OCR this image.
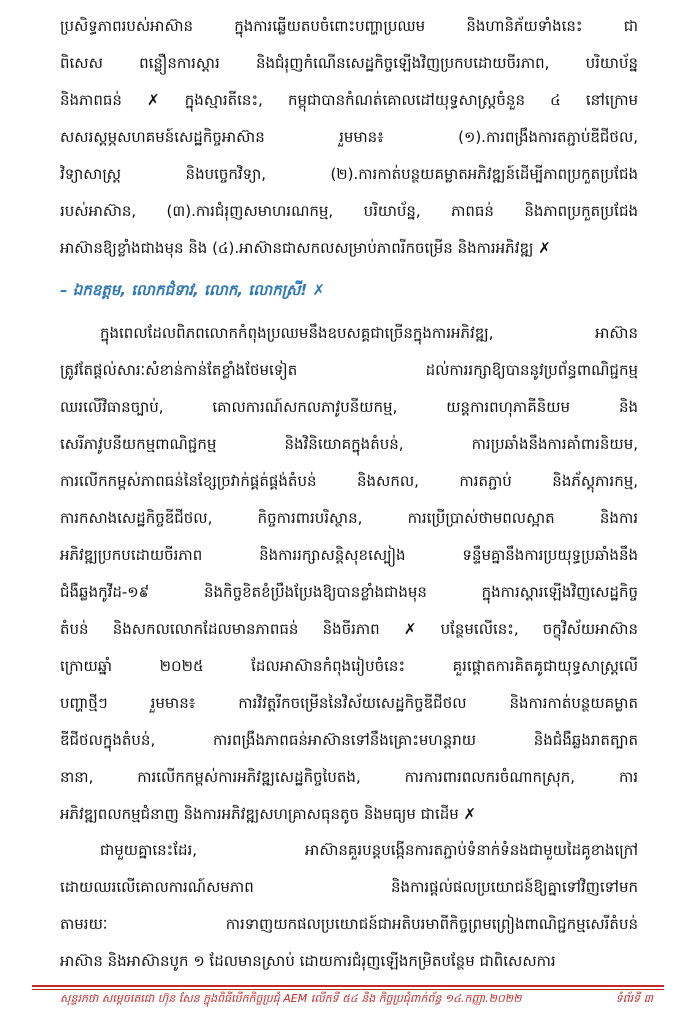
ប្រសិទ្ធភាពរបស់អាស៊ាន ក្នុងការឆ្លើយតបចំពោះបញ្ហាប្រឈម និងហានិភ័យទាំងនេះ ជា
ពិសេស ពន្លឿនការស្តារ និងជំរុញកំណើនសេដ្ឋកិច្ចឡើងវិញប្រកបដោយចីរភាព, បរិយាប័ន្ន
និងភាពធន់ ✗ ក្នុងស្មារតីនេះ, កម្ពុជាបានកំណត់គោលដៅយុទ្ធសាស្ត្រចំនួន ៤ នៅក្រោម
សសរស្តម្ភសហគមន៍សេដ្ឋកិច្ចអាស៊ាន រួមមាន៖ (១).ការពង្រឹងការតភ្ជាប់ឌីជីថល,
វិទ្យាសាស្ត្រ និងបច្ចេកវិទ្យា, (២).ការកាត់បន្ថយគម្លាតអភិវឌ្ឍន៍ដើម្បីភាពប្រកួតប្រជែង
របស់អាស៊ាន, (៣).ការជំរុញសមាហរណកម្ម, បរិយាប័ន្ន, ភាពធន់ និងភាពប្រកួតប្រជែង
អាស៊ានឱ្យខ្លាំងជាងមុន និង (៤).អាស៊ានជាសកលសម្រាប់ភាពរីកចម្រើន និងការអភិវឌ្ឍ ✗
– ឯកឧត្តម, លោកជំទាវ, លោក, លោកស្រី! ✗
ក្នុងពេលដែលពិភពលោកកំពុងប្រឈមនឹងឧបសគ្គជាច្រើនក្នុងការអភិវឌ្ឍ, អាស៊ាន
ត្រូវតែផ្តល់សារៈសំខាន់កាន់តែខ្លាំងថែមទៀត ដល់ការរក្សាឱ្យបាននូវប្រព័ន្ធពាណិជ្ជកម្ម
ឈរលើវិធានច្បាប់, គោលការណ៍សកលភាវូបនីយកម្ម, យន្តការពហុភាគីនិយម និង
សេរីភាវូបនីយកម្មពាណិជ្ជកម្ម និងវិនិយោគក្នុងតំបន់, ការប្រឆាំងនឹងការគាំពារនិយម,
ការលើកកម្ពស់ភាពធន់នៃខ្សែច្រវាក់ផ្គត់ផ្គង់តំបន់ និងសកល, ការតភ្ជាប់ និងភ័ស្តុភារកម្ម,
ការកសាងសេដ្ឋកិច្ចឌីជីថល, កិច្ចការពារបរិស្ថាន, ការប្រើប្រាស់ថាមពលស្អាត និងការ
អភិវឌ្ឍប្រកបដោយចីរភាព និងការរក្សាសន្តិសុខស្បៀង ទន្ទឹមគ្នានឹងការប្រយុទ្ធប្រឆាំងនឹង
ជំងឺឆ្លងកូវីដ-១៩ និងកិច្ចខិតខំប្រឹងប្រែងឱ្យបានខ្លាំងជាងមុន ក្នុងការស្តារឡើងវិញសេដ្ឋកិច្ច
តំបន់ និងសកលលោកដែលមានភាពធន់ និងចីរភាព ✗ បន្ថែមលើនេះ, ចក្ខុវិស័យអាស៊ាន
ក្រោយឆ្នាំ ២០២៥ ដែលអាស៊ានកំពុងរៀបចំនេះ គួរផ្តោតការគិតគូជាយុទ្ធសាស្ត្រលើ
បញ្ហាថ្មីៗ រួមមាន៖ ការវិវត្តរីកចម្រើននៃវិស័យសេដ្ឋកិច្ចឌីជីថល និងការកាត់បន្ថយគម្លាត
ឌីជីថលក្នុងតំបន់, ការពង្រឹងភាពធន់អាស៊ានទៅនឹងគ្រោះមហន្តរាយ និងជំងឺឆ្លងរាតត្បាត
នានា, ការលើកកម្ពស់ការអភិវឌ្ឍសេដ្ឋកិច្ចបៃតង, ការការពារពលករចំណាកស្រុក, ការ
អភិវឌ្ឍពលកម្មជំនាញ និងការអភិវឌ្ឍសហគ្រាសធុនតូច និងមធ្យម ជាដើម ✗
ជាមួយគ្នានេះដែរ, អាស៊ានគួរបន្តបង្កើនការតភ្ជាប់ទំនាក់ទំនងជាមួយដៃគូខាងក្រៅ
ដោយឈរលើគោលការណ៍សមភាព និងការផ្តល់ផលប្រយោជន៍ឱ្យគ្នាទៅវិញទៅមក
តាមរយៈ ការទាញយកផលប្រយោជន៍ជាអតិបរមាពីកិច្ចព្រមព្រៀងពាណិជ្ជកម្មសេរីតំបន់
អាស៊ាន និងអាស៊ានបូក ១ ដែលមានស្រាប់ ដោយការជំរុញឡើងកម្រិតបន្ថែម ជាពិសេសការ
សុន្ទរកថា សម្តេចតេជោ ហ៊ុន សែន ក្នុងពិធីបើកកិច្ចប្រជុំ AEM លើកទី ៥៤ និង កិច្ចប្រជុំពាក់ព័ន្ធ ១៤.កញ្ញា.២០២២	ទំព័រទី ៣
